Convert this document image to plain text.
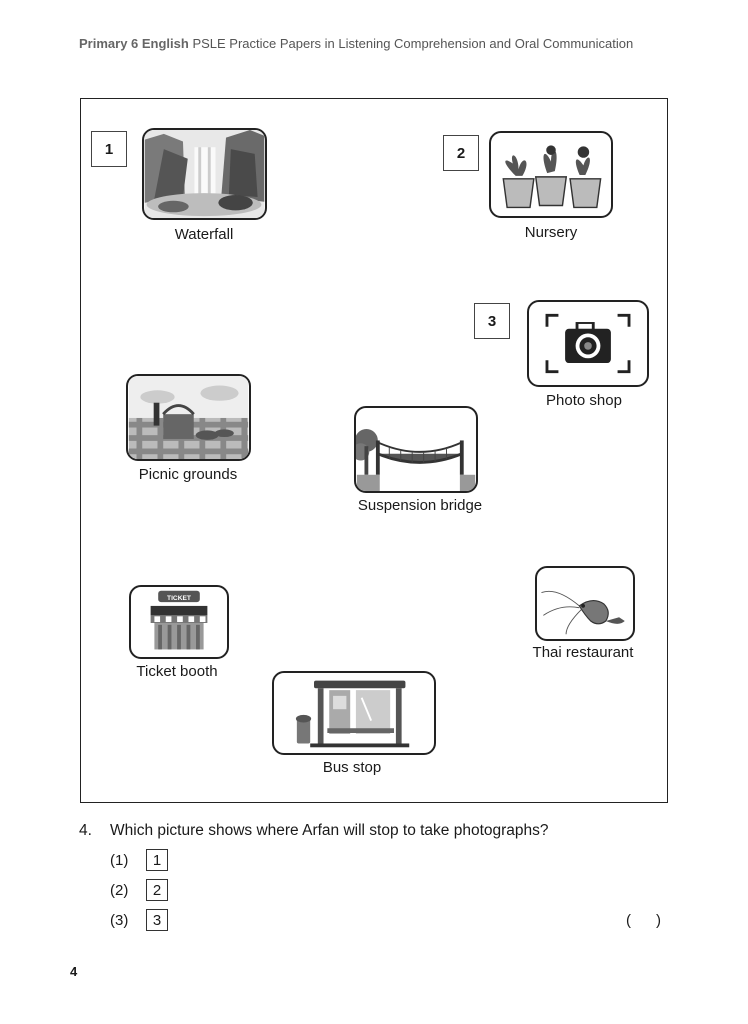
Primary 6 English PSLE Practice Papers in Listening Comprehension and Oral Communication
1	2
3
Waterfall	Nursery
Photo shop
Picnic grounds
Suspension bridge
TICKET
Ticket booth
Thai restaurant
Bus stop
4. Which picture shows where Arfan will stop to take photographs?
(1)	1
(2)	2
(3)	3	(      )
4
